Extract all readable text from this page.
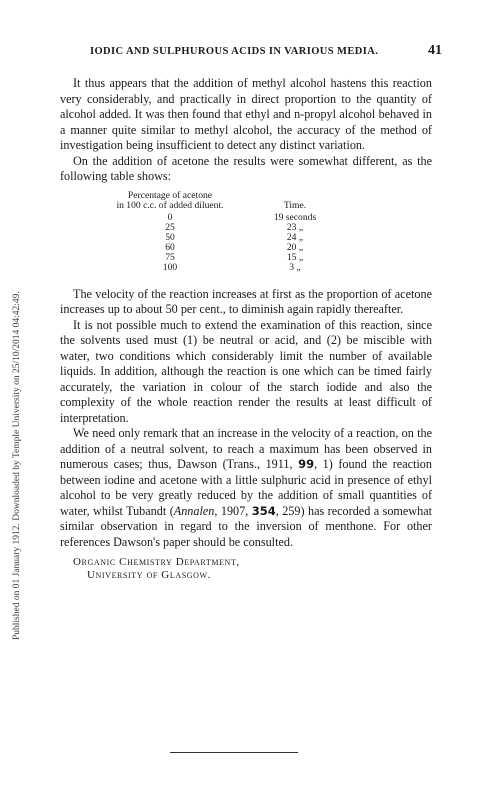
Published on 01 January 1912. Downloaded by Temple University on 25/10/2014 04:42:49.
IODIC AND SULPHUROUS ACIDS IN VARIOUS MEDIA.	41

It thus appears that the addition of methyl alcohol hastens this reaction very considerably, and practically in direct proportion to the quantity of alcohol added. It was then found that ethyl and n-propyl alcohol behaved in a manner quite similar to methyl alcohol, the accuracy of the method of investigation being insufficient to detect any distinct variation.

On the addition of acetone the results were somewhat different, as the following table shows:

Percentage of acetone
in 100 c.c. of added diluent.	Time.
0	19 seconds
25	23 „
50	24 „
60	20 „
75	15 „
100	3 „

The velocity of the reaction increases at first as the proportion of acetone increases up to about 50 per cent., to diminish again rapidly thereafter.

It is not possible much to extend the examination of this reaction, since the solvents used must (1) be neutral or acid, and (2) be miscible with water, two conditions which considerably limit the number of available liquids. In addition, although the reaction is one which can be timed fairly accurately, the variation in colour of the starch iodide and also the complexity of the whole reaction render the results at least difficult of interpretation.

We need only remark that an increase in the velocity of a reaction, on the addition of a neutral solvent, to reach a maximum has been observed in numerous cases; thus, Dawson (Trans., 1911, 99, 1) found the reaction between iodine and acetone with a little sulphuric acid in presence of ethyl alcohol to be very greatly reduced by the addition of small quantities of water, whilst Tubandt (Annalen, 1907, 354, 259) has recorded a somewhat similar observation in regard to the inversion of menthone. For other references Dawson's paper should be consulted.

Organic Chemistry Department,
University of Glasgow.
